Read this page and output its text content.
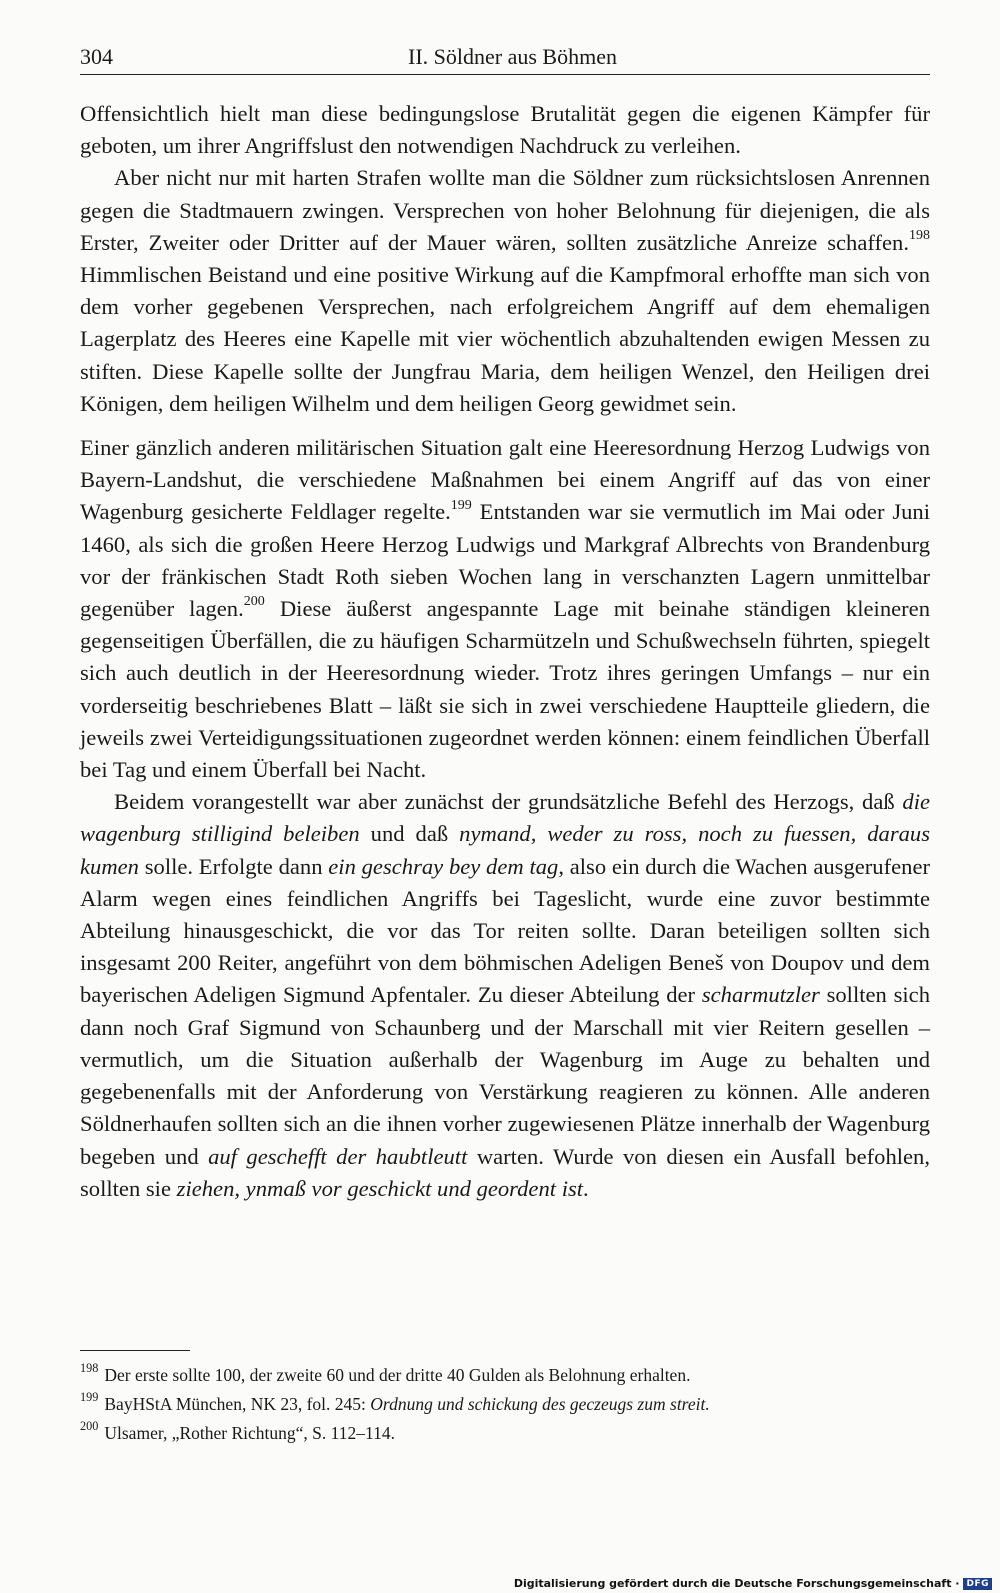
304	II. Söldner aus Böhmen

Offensichtlich hielt man diese bedingungslose Brutalität gegen die eigenen Kämpfer für geboten, um ihrer Angriffslust den notwendigen Nachdruck zu verleihen.

Aber nicht nur mit harten Strafen wollte man die Söldner zum rücksichtslosen Anrennen gegen die Stadtmauern zwingen. Versprechen von hoher Belohnung für diejenigen, die als Erster, Zweiter oder Dritter auf der Mauer wären, sollten zusätzliche Anreize schaffen.$^{198}$ Himmlischen Beistand und eine positive Wirkung auf die Kampfmoral erhoffte man sich von dem vorher gegebenen Versprechen, nach erfolgreichem Angriff auf dem ehemaligen Lagerplatz des Heeres eine Kapelle mit vier wöchentlich abzuhaltenden ewigen Messen zu stiften. Diese Kapelle sollte der Jungfrau Maria, dem heiligen Wenzel, den Heiligen drei Königen, dem heiligen Wilhelm und dem heiligen Georg gewidmet sein.

Einer gänzlich anderen militärischen Situation galt eine Heeresordnung Herzog Ludwigs von Bayern-Landshut, die verschiedene Maßnahmen bei einem Angriff auf das von einer Wagenburg gesicherte Feldlager regelte.$^{199}$ Entstanden war sie vermutlich im Mai oder Juni 1460, als sich die großen Heere Herzog Ludwigs und Markgraf Albrechts von Brandenburg vor der fränkischen Stadt Roth sieben Wochen lang in verschanzten Lagern unmittelbar gegenüber lagen.$^{200}$ Diese äußerst angespannte Lage mit beinahe ständigen kleineren gegenseitigen Überfällen, die zu häufigen Scharmützeln und Schußwechseln führten, spiegelt sich auch deutlich in der Heeresordnung wieder. Trotz ihres geringen Umfangs – nur ein vorderseitig beschriebenes Blatt – läßt sie sich in zwei verschiedene Hauptteile gliedern, die jeweils zwei Verteidigungssituationen zugeordnet werden können: einem feindlichen Überfall bei Tag und einem Überfall bei Nacht.

Beidem vorangestellt war aber zunächst der grundsätzliche Befehl des Herzogs, daß die wagenburg stilligind beleiben und daß nymand, weder zu ross, noch zu fuessen, daraus kumen solle. Erfolgte dann ein geschray bey dem tag, also ein durch die Wachen ausgerufener Alarm wegen eines feindlichen Angriffs bei Tageslicht, wurde eine zuvor bestimmte Abteilung hinausgeschickt, die vor das Tor reiten sollte. Daran beteiligen sollten sich insgesamt 200 Reiter, angeführt von dem böhmischen Adeligen Beneš von Doupov und dem bayerischen Adeligen Sigmund Apfentaler. Zu dieser Abteilung der scharmutzler sollten sich dann noch Graf Sigmund von Schaunberg und der Marschall mit vier Reitern gesellen – vermutlich, um die Situation außerhalb der Wagenburg im Auge zu behalten und gegebenenfalls mit der Anforderung von Verstärkung reagieren zu können. Alle anderen Söldnerhaufen sollten sich an die ihnen vorher zugewiesenen Plätze innerhalb der Wagenburg begeben und auf geschefft der haubtleutt warten. Wurde von diesen ein Ausfall befohlen, sollten sie ziehen, ynmaß vor geschickt und geordent ist.

$^{198}$ Der erste sollte 100, der zweite 60 und der dritte 40 Gulden als Belohnung erhalten.

$^{199}$ BayHStA München, NK 23, fol. 245: Ordnung und schickung des geczeugs zum streit.

$^{200}$ Ulsamer, „Rother Richtung“, S. 112–114.

Digitalisierung gefördert durch die Deutsche Forschungsgemeinschaft · DFG
